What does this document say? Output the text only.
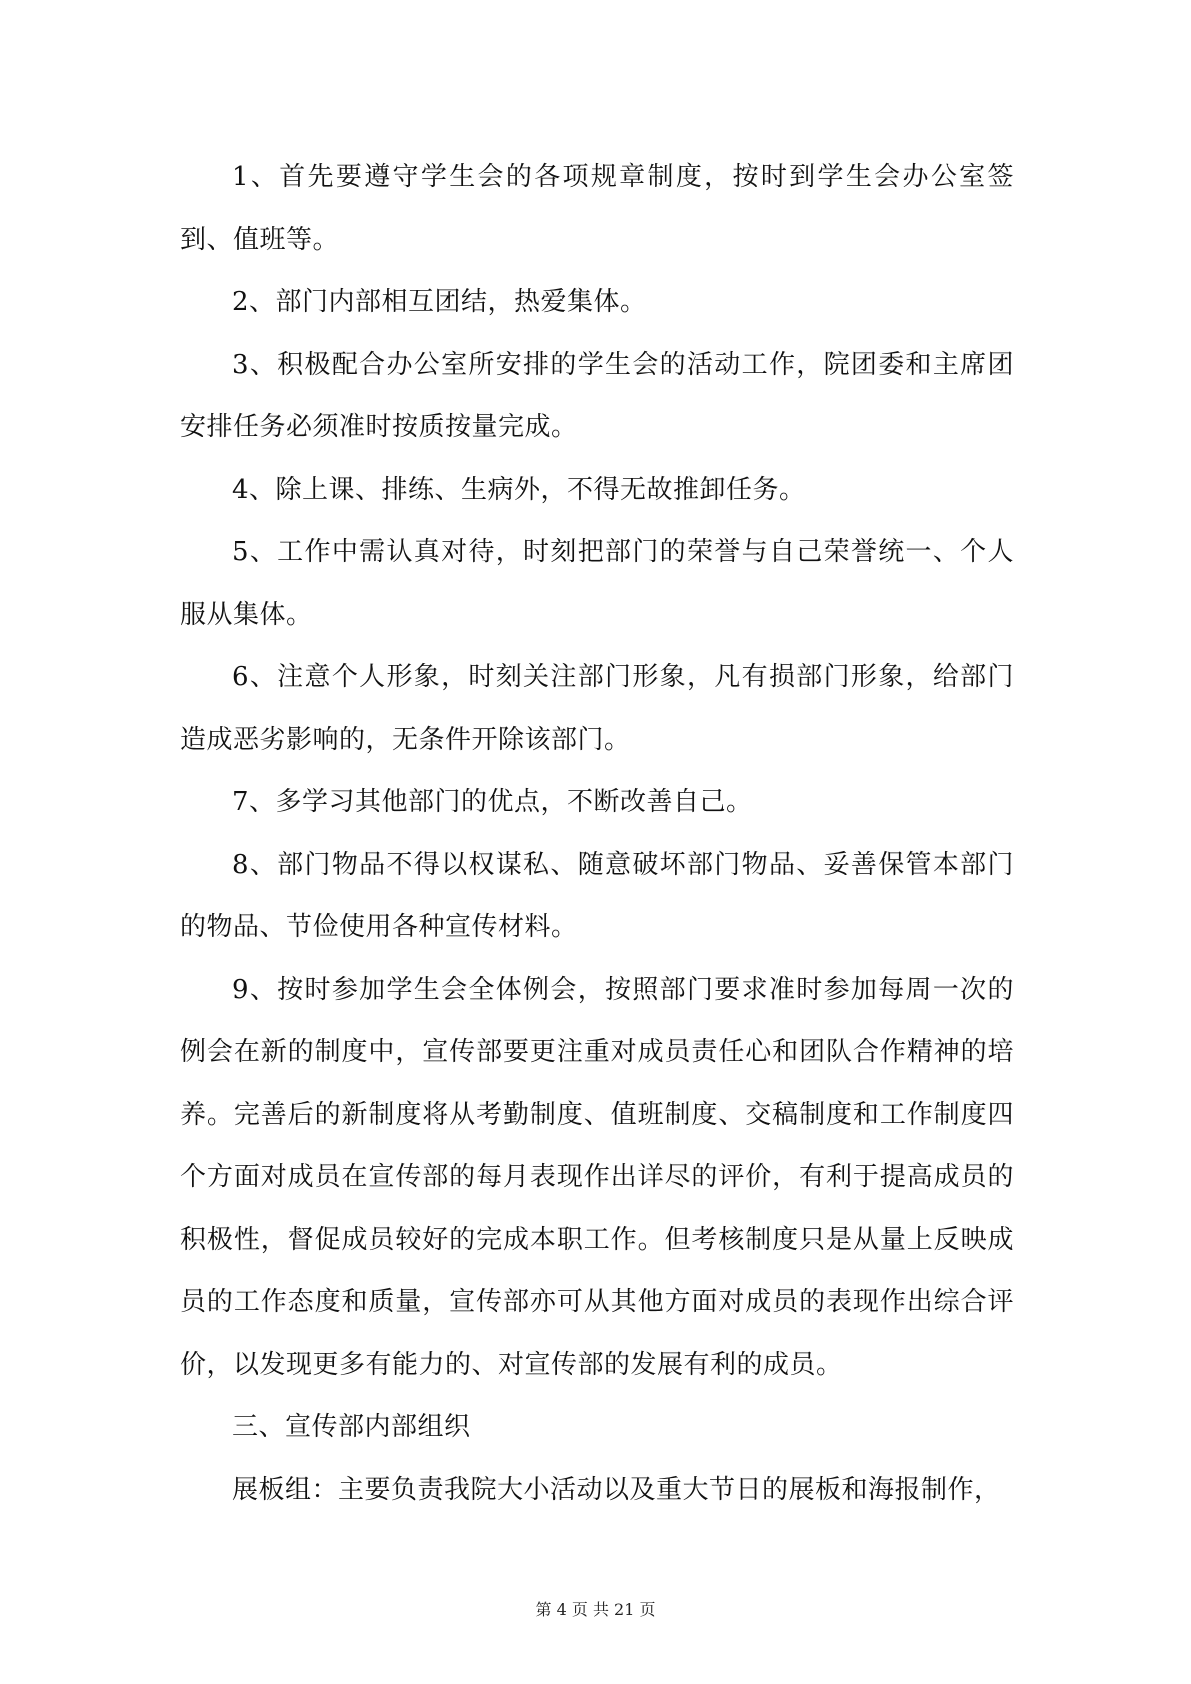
1、首先要遵守学生会的各项规章制度，按时到学生会办公室签到、值班等。

2、部门内部相互团结，热爱集体。

3、积极配合办公室所安排的学生会的活动工作，院团委和主席团安排任务必须准时按质按量完成。

4、除上课、排练、生病外，不得无故推卸任务。

5、工作中需认真对待，时刻把部门的荣誉与自己荣誉统一、个人服从集体。

6、注意个人形象，时刻关注部门形象，凡有损部门形象，给部门造成恶劣影响的，无条件开除该部门。

7、多学习其他部门的优点，不断改善自己。

8、部门物品不得以权谋私、随意破坏部门物品、妥善保管本部门的物品、节俭使用各种宣传材料。

9、按时参加学生会全体例会，按照部门要求准时参加每周一次的例会在新的制度中，宣传部要更注重对成员责任心和团队合作精神的培养。完善后的新制度将从考勤制度、值班制度、交稿制度和工作制度四个方面对成员在宣传部的每月表现作出详尽的评价，有利于提高成员的积极性，督促成员较好的完成本职工作。但考核制度只是从量上反映成员的工作态度和质量，宣传部亦可从其他方面对成员的表现作出综合评价，以发现更多有能力的、对宣传部的发展有利的成员。

三、宣传部内部组织

展板组：主要负责我院大小活动以及重大节日的展板和海报制作，

第 4 页 共 21 页
